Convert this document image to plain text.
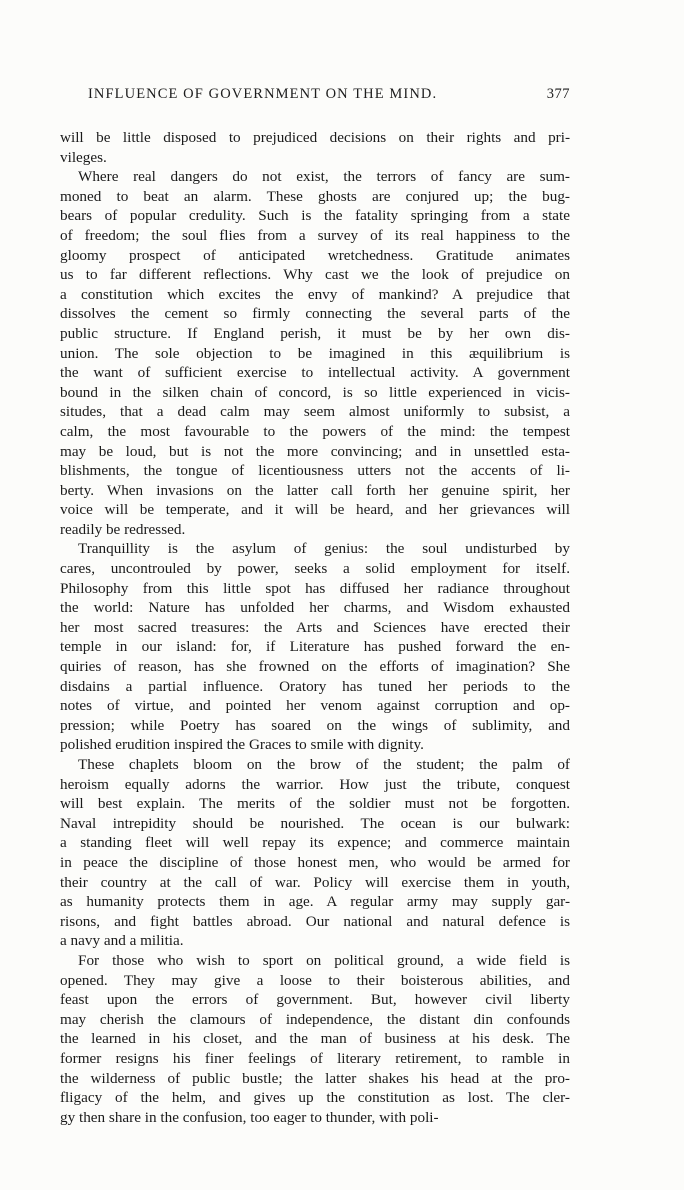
INFLUENCE OF GOVERNMENT ON THE MIND.	377
will be little disposed to prejudiced decisions on their rights and pri-
vileges.
Where real dangers do not exist, the terrors of fancy are sum-
moned to beat an alarm. These ghosts are conjured up; the bug-
bears of popular credulity. Such is the fatality springing from a state
of freedom; the soul flies from a survey of its real happiness to the
gloomy prospect of anticipated wretchedness. Gratitude animates
us to far different reflections. Why cast we the look of prejudice on
a constitution which excites the envy of mankind? A prejudice that
dissolves the cement so firmly connecting the several parts of the
public structure. If England perish, it must be by her own dis-
union. The sole objection to be imagined in this æquilibrium is
the want of sufficient exercise to intellectual activity. A government
bound in the silken chain of concord, is so little experienced in vicis-
situdes, that a dead calm may seem almost uniformly to subsist, a
calm, the most favourable to the powers of the mind: the tempest
may be loud, but is not the more convincing; and in unsettled esta-
blishments, the tongue of licentiousness utters not the accents of li-
berty. When invasions on the latter call forth her genuine spirit, her
voice will be temperate, and it will be heard, and her grievances will
readily be redressed.
Tranquillity is the asylum of genius: the soul undisturbed by
cares, uncontrouled by power, seeks a solid employment for itself.
Philosophy from this little spot has diffused her radiance throughout
the world: Nature has unfolded her charms, and Wisdom exhausted
her most sacred treasures: the Arts and Sciences have erected their
temple in our island: for, if Literature has pushed forward the en-
quiries of reason, has she frowned on the efforts of imagination? She
disdains a partial influence. Oratory has tuned her periods to the
notes of virtue, and pointed her venom against corruption and op-
pression; while Poetry has soared on the wings of sublimity, and
polished erudition inspired the Graces to smile with dignity.
These chaplets bloom on the brow of the student; the palm of
heroism equally adorns the warrior. How just the tribute, conquest
will best explain. The merits of the soldier must not be forgotten.
Naval intrepidity should be nourished. The ocean is our bulwark:
a standing fleet will well repay its expence; and commerce maintain
in peace the discipline of those honest men, who would be armed for
their country at the call of war. Policy will exercise them in youth,
as humanity protects them in age. A regular army may supply gar-
risons, and fight battles abroad. Our national and natural defence is
a navy and a militia.
For those who wish to sport on political ground, a wide field is
opened. They may give a loose to their boisterous abilities, and
feast upon the errors of government. But, however civil liberty
may cherish the clamours of independence, the distant din confounds
the learned in his closet, and the man of business at his desk. The
former resigns his finer feelings of literary retirement, to ramble in
the wilderness of public bustle; the latter shakes his head at the pro-
fligacy of the helm, and gives up the constitution as lost. The cler-
gy then share in the confusion, too eager to thunder, with poli-
